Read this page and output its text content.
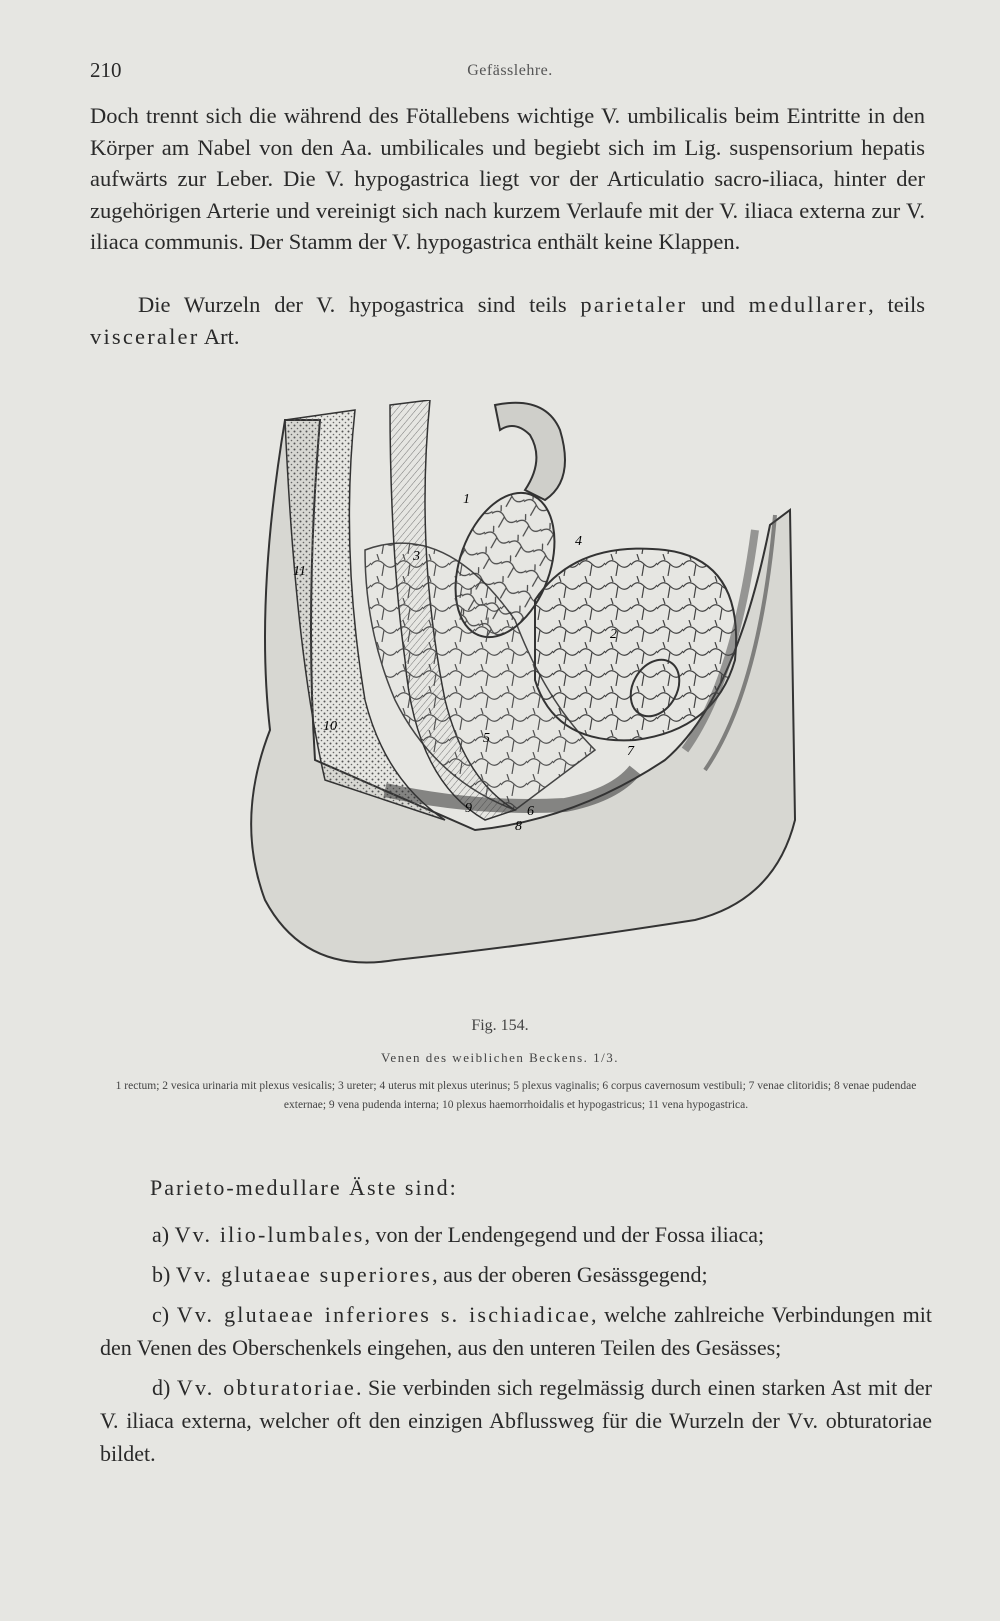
210	Gefässlehre.
Doch trennt sich die während des Fötallebens wichtige V. umbilicalis beim Eintritte in den Körper am Nabel von den Aa. umbilicales und begiebt sich im Lig. suspensorium hepatis aufwärts zur Leber. Die V. hypogastrica liegt vor der Articulatio sacro-iliaca, hinter der zugehörigen Arterie und vereinigt sich nach kurzem Verlaufe mit der V. iliaca externa zur V. iliaca communis. Der Stamm der V. hypogastrica enthält keine Klappen.
Die Wurzeln der V. hypogastrica sind teils parietaler und medullarer, teils visceraler Art.
1
2
3
4
5
6
7
8
9
10
11
Fig. 154.
Venen des weiblichen Beckens. 1/3.
1 rectum; 2 vesica urinaria mit plexus vesicalis; 3 ureter; 4 uterus mit plexus uterinus; 5 plexus vaginalis; 6 corpus cavernosum vestibuli; 7 venae clitoridis; 8 venae pudendae externae; 9 vena pudenda interna; 10 plexus haemorrhoidalis et hypogastricus; 11 vena hypogastrica.
Parieto-medullare Äste sind:
a) Vv. ilio-lumbales, von der Lendengegend und der Fossa iliaca;
b) Vv. glutaeae superiores, aus der oberen Gesässgegend;
c) Vv. glutaeae inferiores s. ischiadicae, welche zahlreiche Verbindungen mit den Venen des Oberschenkels eingehen, aus den unteren Teilen des Gesässes;
d) Vv. obturatoriae. Sie verbinden sich regelmässig durch einen starken Ast mit der V. iliaca externa, welcher oft den einzigen Abflussweg für die Wurzeln der Vv. obturatoriae bildet.
